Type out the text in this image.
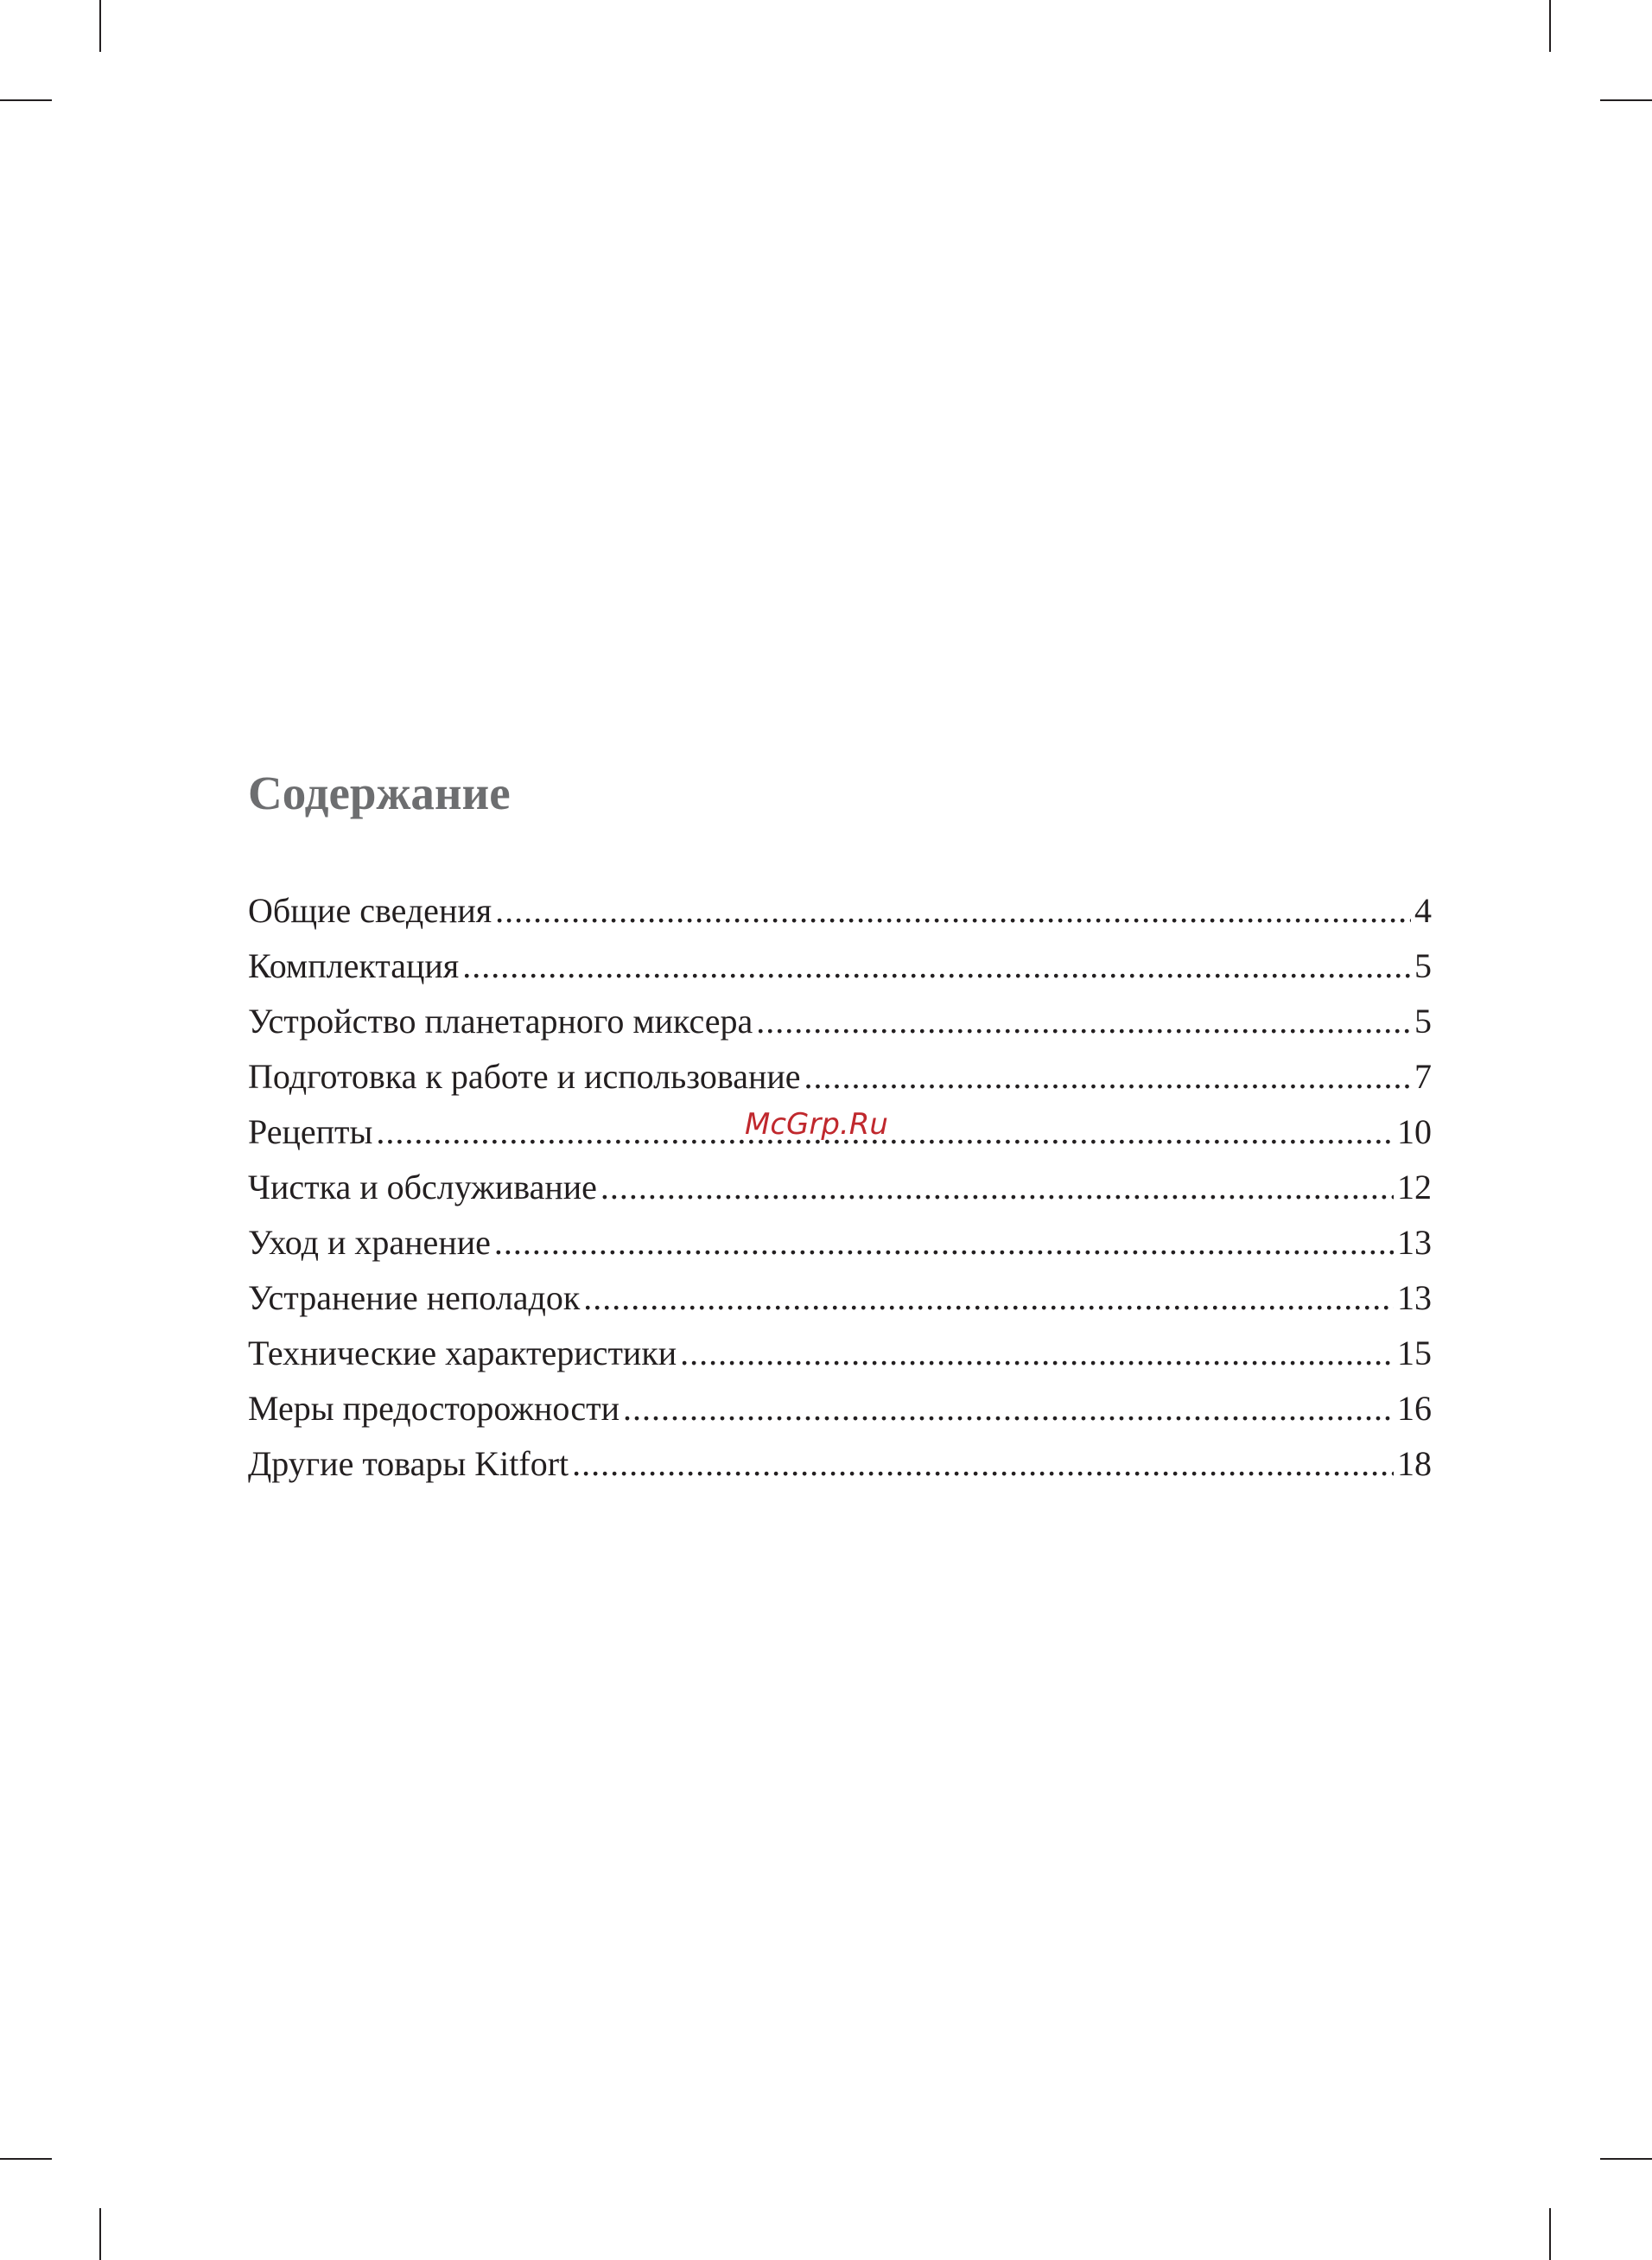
Содержание
Общие сведения .....	4
Комплектация .....	5
Устройство планетарного миксера .....	5
Подготовка к работе и использование .....	7
Рецепты .....	10
Чистка и обслуживание .....	12
Уход и хранение .....	13
Устранение неполадок .....	13
Технические характеристики .....	15
Меры предосторожности .....	16
Другие товары Kitfort .....	18
McGrp.Ru
